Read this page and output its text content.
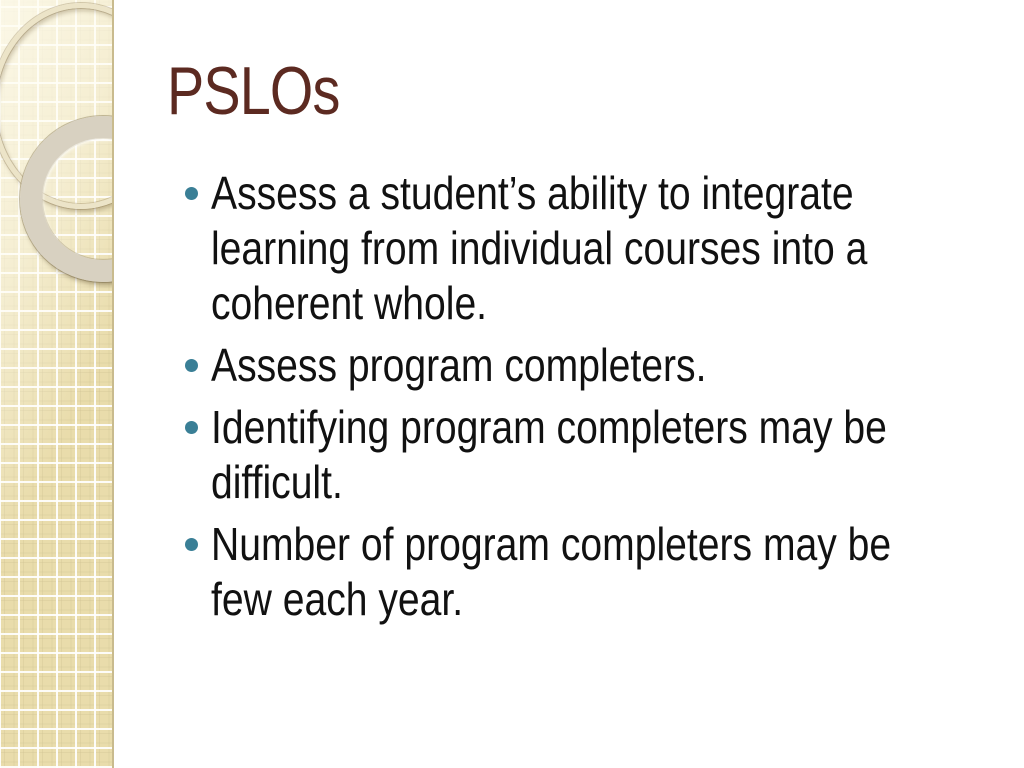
PSLOs
Assess a student’s ability to integrate
learning from individual courses into a
coherent whole.
Assess program completers.
Identifying program completers may be
difficult.
Number of program completers may be
few each year.
